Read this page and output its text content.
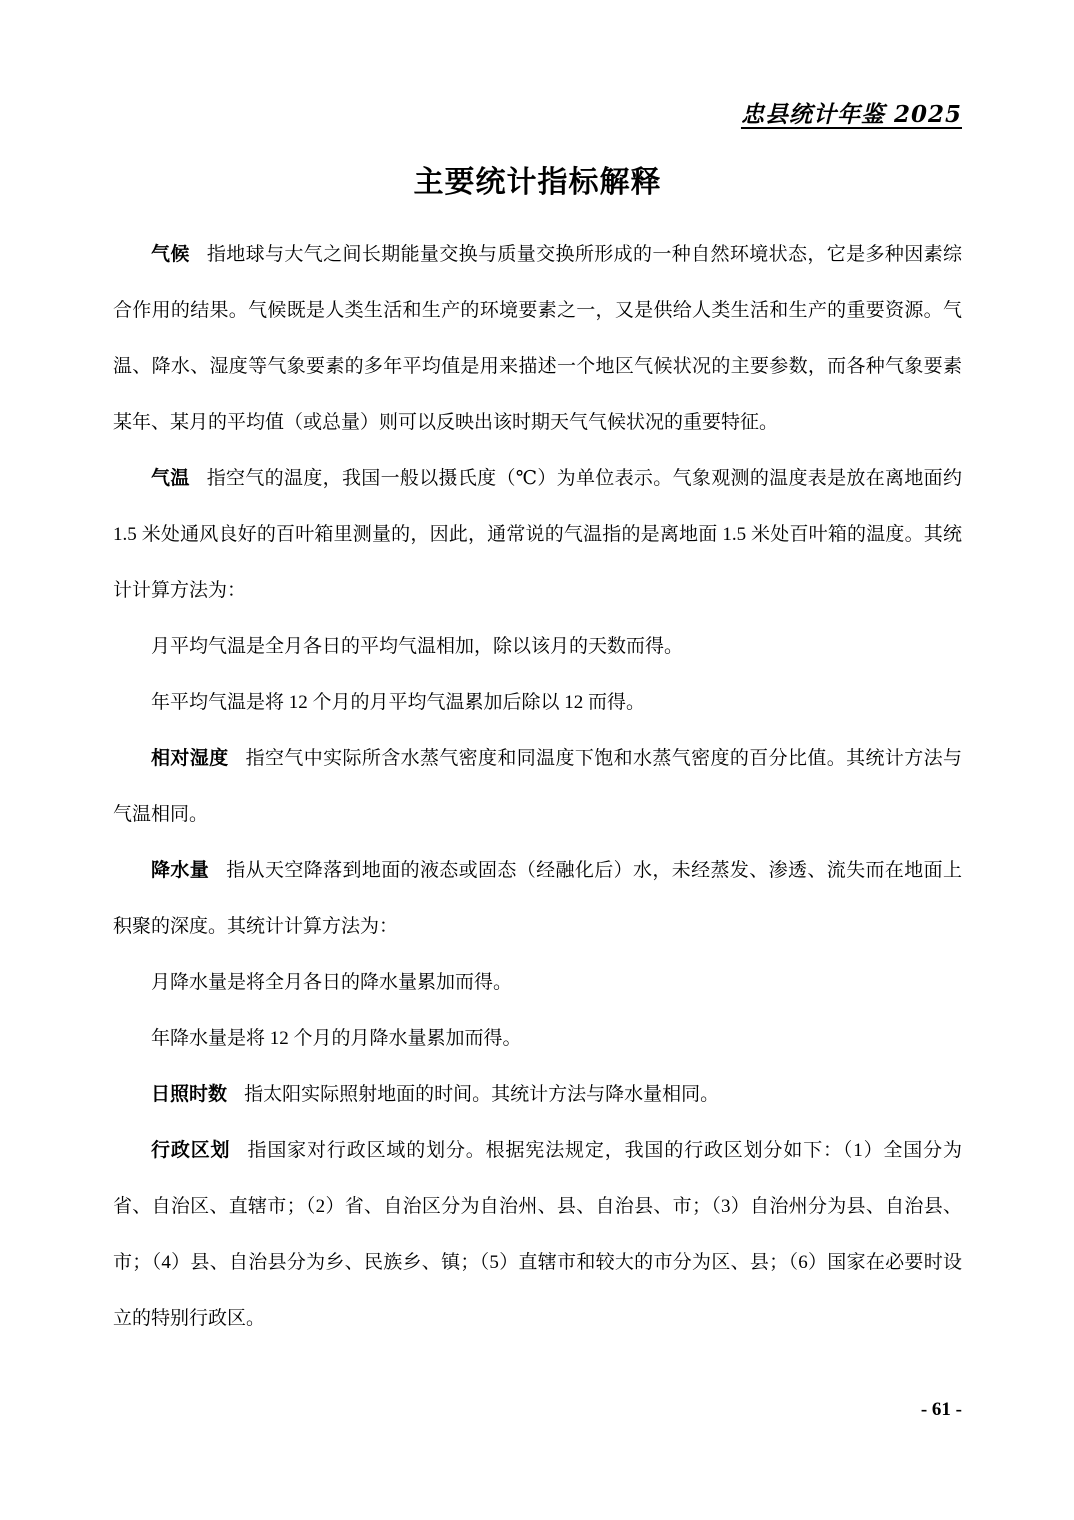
忠县统计年鉴 2025
主要统计指标解释

气候 指地球与大气之间长期能量交换与质量交换所形成的一种自然环境状态，它是多种因素综合作用的结果。气候既是人类生活和生产的环境要素之一，又是供给人类生活和生产的重要资源。气温、降水、湿度等气象要素的多年平均值是用来描述一个地区气候状况的主要参数，而各种气象要素某年、某月的平均值（或总量）则可以反映出该时期天气气候状况的重要特征。

气温 指空气的温度，我国一般以摄氏度（℃）为单位表示。气象观测的温度表是放在离地面约 1.5 米处通风良好的百叶箱里测量的，因此，通常说的气温指的是离地面 1.5 米处百叶箱的温度。其统计计算方法为：

月平均气温是全月各日的平均气温相加，除以该月的天数而得。

年平均气温是将 12 个月的月平均气温累加后除以 12 而得。

相对湿度 指空气中实际所含水蒸气密度和同温度下饱和水蒸气密度的百分比值。其统计方法与气温相同。

降水量 指从天空降落到地面的液态或固态（经融化后）水，未经蒸发、渗透、流失而在地面上积聚的深度。其统计计算方法为：

月降水量是将全月各日的降水量累加而得。

年降水量是将 12 个月的月降水量累加而得。

日照时数 指太阳实际照射地面的时间。其统计方法与降水量相同。

行政区划 指国家对行政区域的划分。根据宪法规定，我国的行政区划分如下：（1）全国分为省、自治区、直辖市；（2）省、自治区分为自治州、县、自治县、市；（3）自治州分为县、自治县、市；（4）县、自治县分为乡、民族乡、镇；（5）直辖市和较大的市分为区、县；（6）国家在必要时设立的特别行政区。

- 61 -
